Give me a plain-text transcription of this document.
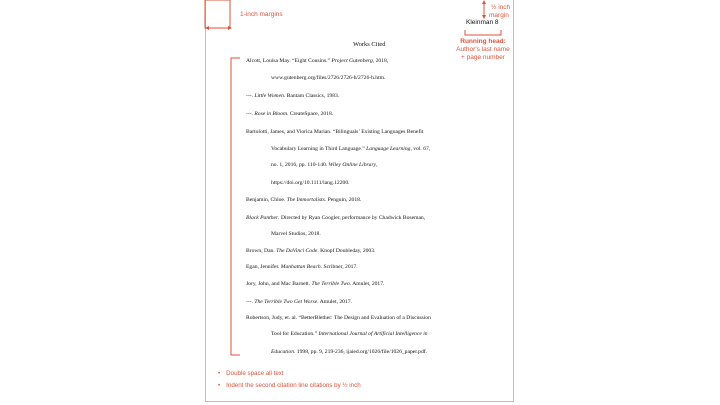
1-inch margins
½ inch
margin
Kleinman 8
Running head:
Author's last name
+ page number
Works Cited
Alcott, Louisa May. “Eight Cousins.” Project Gutenberg, 2018,
www.gutenberg.org/files/2726/2726-h/2726-h.htm.
---. Little Women. Bantam Classics, 1983.
---. Rose in Bloom. CreateSpace, 2018.
Bartolotti, James, and Viorica Marian. “Bilinguals’ Existing Languages Benefit
Vocabulary Learning in Third Language.” Language Learning, vol. 67,
no. 1, 2016, pp. 110-140. Wiley Online Library,
https://doi.org/10.1111/lang.12200.
Benjamin, Chloe. The Immortalists. Penguin, 2018.
Black Panther. Directed by Ryan Coogler, performance by Chadwick Boseman,
Marvel Studios, 2018.
Brown, Dan. The DaVinci Code. Knopf Doubleday, 2003.
Egan, Jennifer. Manhattan Beach. Scribner, 2017.
Jory, John, and Mac Barnett. The Terrible Two. Amulet, 2017.
---. The Terrible Two Get Worse. Amulet, 2017.
Robertson, Judy, et. al. “BetterBlether: The Design and Evaluation of a Discussion
Tool for Education.” International Journal of Artificial Intelligence in
Education. 1998, pp. 9, 219-236, ijaied.org/1026/file/1026_paper.pdf.
• Double space all text
• Indent the second citation line citations by ½ inch
